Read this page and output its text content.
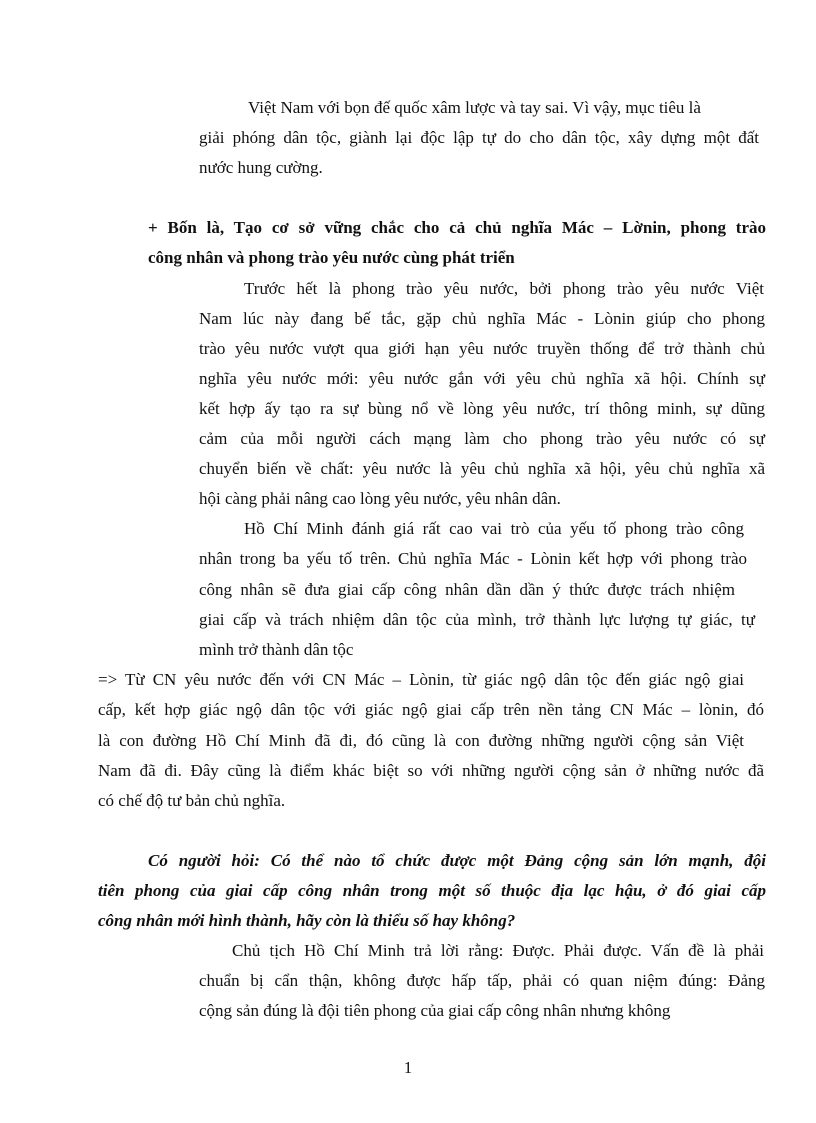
Việt Nam với bọn đế quốc xâm lược và tay sai. Vì vậy, mục tiêu là
giải phóng dân tộc, giành lại độc lập tự do cho dân tộc, xây dựng một đất
nước hung cường.
+ Bốn là, Tạo cơ sở vững chắc cho cả chủ nghĩa Mác – Lờnin, phong trào
công nhân và phong trào yêu nước cùng phát triển
Trước hết là phong trào yêu nước, bởi phong trào yêu nước Việt
Nam lúc này đang bế tắc, gặp chủ nghĩa Mác - Lònin giúp cho phong
trào yêu nước vượt qua giới hạn yêu nước truyền thống để trở thành chủ
nghĩa yêu nước mới: yêu nước gắn với yêu chủ nghĩa xã hội. Chính sự
kết hợp ấy tạo ra sự bùng nổ về lòng yêu nước, trí thông minh, sự dũng
cảm của mỗi người cách mạng làm cho phong trào yêu nước có sự
chuyển biến về chất: yêu nước là yêu chủ nghĩa xã hội, yêu chủ nghĩa xã
hội càng phải nâng cao lòng yêu nước, yêu nhân dân.
Hồ Chí Minh đánh giá rất cao vai trò của yếu tố phong trào công
nhân trong ba yếu tố trên. Chủ nghĩa Mác - Lònin kết hợp với phong trào
công nhân sẽ đưa giai cấp công nhân dần dần ý thức được trách nhiệm
giai cấp và trách nhiệm dân tộc của mình, trở thành lực lượng tự giác, tự
mình trở thành dân tộc
=> Từ CN yêu nước đến với CN Mác – Lònin, từ giác ngộ dân tộc đến giác ngộ giai
cấp, kết hợp giác ngộ dân tộc với giác ngộ giai cấp trên nền tảng CN Mác – lònin, đó
là con đường Hồ Chí Minh đã đi, đó cũng là con đường những người cộng sản Việt
Nam đã đi. Đây cũng là điểm khác biệt so với những người cộng sản ở những nước đã
có chế độ tư bản chủ nghĩa.
Có người hỏi: Có thể nào tổ chức được một Đảng cộng sản lớn mạnh, đội
tiên phong của giai cấp công nhân trong một số thuộc địa lạc hậu, ở đó giai cấp
công nhân mới hình thành, hãy còn là thiểu số hay không?
Chủ tịch Hồ Chí Minh trả lời rằng: Được. Phải được. Vấn đề là phải
chuẩn bị cẩn thận, không được hấp tấp, phải có quan niệm đúng: Đảng
cộng sản đúng là đội tiên phong của giai cấp công nhân nhưng không
1
